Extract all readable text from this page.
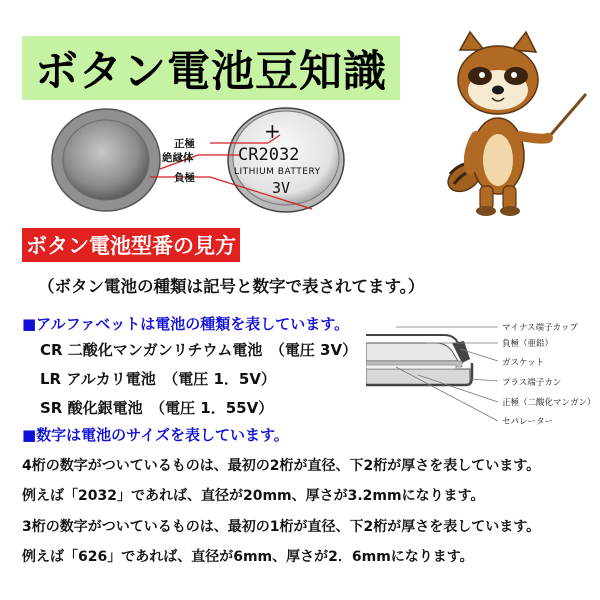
ボタン電池豆知識
正極
絶縁体
負極
+
CR2032
LITHIUM BATTERY
3V
マイナス端子カップ
負極（亜鉛）
ガスケット
プラス端子カン
正極（二酸化マンガン）
セパレーター
ボタン電池型番の見方
（ボタン電池の種類は記号と数字で表されてます。）
■アルファベットは電池の種類を表しています。
CR 二酸化マンガンリチウム電池　（電圧 3V）
LR アルカリ電池　（電圧 1．5V）
SR 酸化銀電池　（電圧 1．55V）
■数字は電池のサイズを表しています。
4桁の数字がついているものは、最初の2桁が直径、下2桁が厚さを表しています。
例えば「2032」であれば、直径が20mm、厚さが3.2mmになります。
3桁の数字がついているものは、最初の1桁が直径、下2桁が厚さを表しています。
例えば「626」であれば、直径が6mm、厚さが2．6mmになります。
